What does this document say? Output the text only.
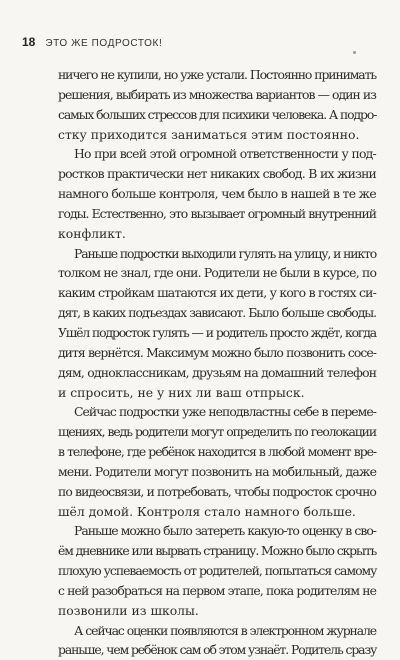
18 ЭТО ЖЕ ПОДРОСТОК!
ничего не купили, но уже устали. Постоянно принимать
решения, выбирать из множества вариантов — один из
самых больших стрессов для психики человека. А подро-
стку приходится заниматься этим постоянно.
Но при всей этой огромной ответственности у под-
ростков практически нет никаких свобод. В их жизни
намного больше контроля, чем было в нашей в те же
годы. Естественно, это вызывает огромный внутренний
конфликт.
Раньше подростки выходили гулять на улицу, и никто
толком не знал, где они. Родители не были в курсе, по
каким стройкам шатаются их дети, у кого в гостях си-
дят, в каких подъездах зависают. Было больше свободы.
Ушёл подросток гулять — и родитель просто ждёт, когда
дитя вернётся. Максимум можно было позвонить сосе-
дям, одноклассникам, друзьям на домашний телефон
и спросить, не у них ли ваш отпрыск.
Сейчас подростки уже неподвластны себе в переме-
щениях, ведь родители могут определить по геолокации
в телефоне, где ребёнок находится в любой момент вре-
мени. Родители могут позвонить на мобильный, даже
по видеосвязи, и потребовать, чтобы подросток срочно
шёл домой. Контроля стало намного больше.
Раньше можно было затереть какую-то оценку в сво-
ём дневнике или вырвать страницу. Можно было скрыть
плохую успеваемость от родителей, попытаться самому
с ней разобраться на первом этапе, пока родителям не
позвонили из школы.
А сейчас оценки появляются в электронном журнале
раньше, чем ребёнок сам об этом узнаёт. Родитель сразу
